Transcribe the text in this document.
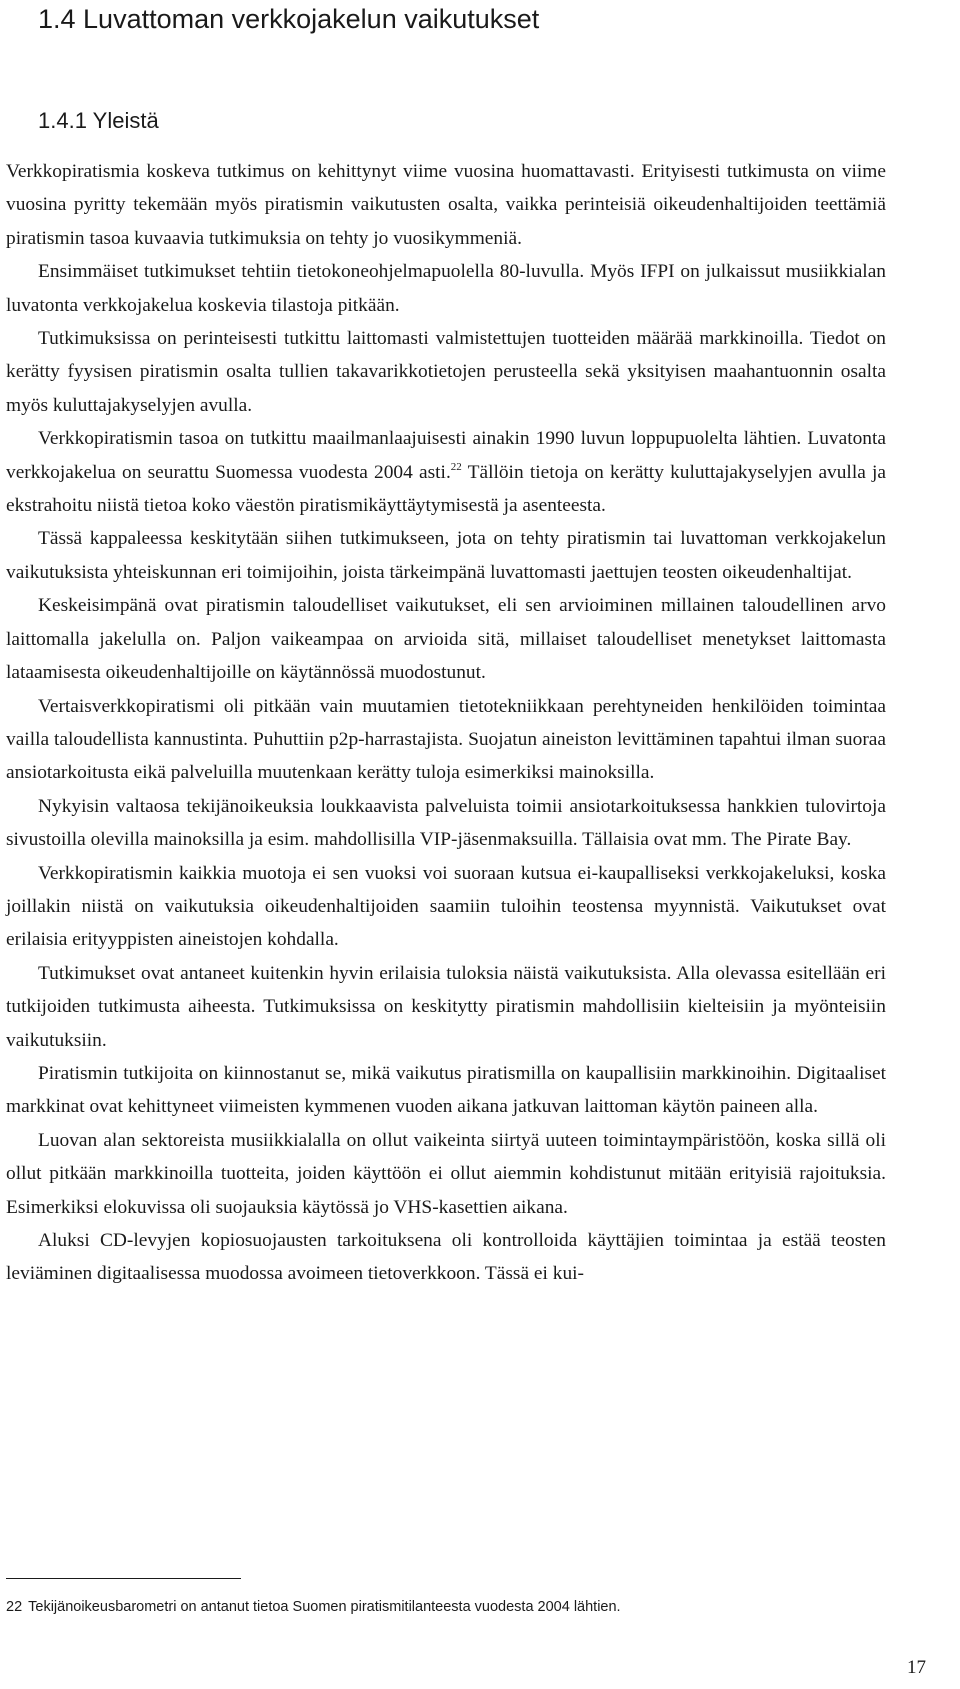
1.4 Luvattoman verkkojakelun vaikutukset
1.4.1 Yleistä

Verkkopiratismia koskeva tutkimus on kehittynyt viime vuosina huomattavasti. Erityisesti tutkimusta on viime vuosina pyritty tekemään myös piratismin vaikutusten osalta, vaikka perinteisiä oikeudenhaltijoiden teettämiä piratismin tasoa kuvaavia tutkimuksia on tehty jo vuosikymmeniä.

Ensimmäiset tutkimukset tehtiin tietokoneohjelmapuolella 80-luvulla. Myös IFPI on julkaissut musiikkialan luvatonta verkkojakelua koskevia tilastoja pitkään.

Tutkimuksissa on perinteisesti tutkittu laittomasti valmistettujen tuotteiden määrää markkinoilla. Tiedot on kerätty fyysisen piratismin osalta tullien takavarikkotietojen perusteella sekä yksityisen maahantuonnin osalta myös kuluttajakyselyjen avulla.

Verkkopiratismin tasoa on tutkittu maailmanlaajuisesti ainakin 1990 luvun loppupuolelta lähtien. Luvatonta verkkojakelua on seurattu Suomessa vuodesta 2004 asti.$^{22}$ Tällöin tietoja on kerätty kuluttajakyselyjen avulla ja ekstrahoitu niistä tietoa koko väestön piratismikäyttäytymisestä ja asenteesta.

Tässä kappaleessa keskitytään siihen tutkimukseen, jota on tehty piratismin tai luvattoman verkkojakelun vaikutuksista yhteiskunnan eri toimijoihin, joista tärkeimpänä luvattomasti jaettujen teosten oikeudenhaltijat.

Keskeisimpänä ovat piratismin taloudelliset vaikutukset, eli sen arvioiminen millainen taloudellinen arvo laittomalla jakelulla on. Paljon vaikeampaa on arvioida sitä, millaiset taloudelliset menetykset laittomasta lataamisesta oikeudenhaltijoille on käytännössä muodostunut.

Vertaisverkkopiratismi oli pitkään vain muutamien tietotekniikkaan perehtyneiden henkilöiden toimintaa vailla taloudellista kannustinta. Puhuttiin p2p-harrastajista. Suojatun aineiston levittäminen tapahtui ilman suoraa ansiotarkoitusta eikä palveluilla muutenkaan kerätty tuloja esimerkiksi mainoksilla.

Nykyisin valtaosa tekijänoikeuksia loukkaavista palveluista toimii ansiotarkoituksessa hankkien tulovirtoja sivustoilla olevilla mainoksilla ja esim. mahdollisilla VIP-jäsenmaksuilla. Tällaisia ovat mm. The Pirate Bay.

Verkkopiratismin kaikkia muotoja ei sen vuoksi voi suoraan kutsua ei-kaupalliseksi verkkojakeluksi, koska joillakin niistä on vaikutuksia oikeudenhaltijoiden saamiin tuloihin teostensa myynnistä. Vaikutukset ovat erilaisia erityyppisten aineistojen kohdalla.

Tutkimukset ovat antaneet kuitenkin hyvin erilaisia tuloksia näistä vaikutuksista. Alla olevassa esitellään eri tutkijoiden tutkimusta aiheesta. Tutkimuksissa on keskitytty piratismin mahdollisiin kielteisiin ja myönteisiin vaikutuksiin.

Piratismin tutkijoita on kiinnostanut se, mikä vaikutus piratismilla on kaupallisiin markkinoihin. Digitaaliset markkinat ovat kehittyneet viimeisten kymmenen vuoden aikana jatkuvan laittoman käytön paineen alla.

Luovan alan sektoreista musiikkialalla on ollut vaikeinta siirtyä uuteen toimintaympäristöön, koska sillä oli ollut pitkään markkinoilla tuotteita, joiden käyttöön ei ollut aiemmin kohdistunut mitään erityisiä rajoituksia. Esimerkiksi elokuvissa oli suojauksia käytössä jo VHS-kasettien aikana.

Aluksi CD-levyjen kopiosuojausten tarkoituksena oli kontrolloida käyttäjien toimintaa ja estää teosten leviäminen digitaalisessa muodossa avoimeen tietoverkkoon. Tässä ei kui-

22 Tekijänoikeusbarometri on antanut tietoa Suomen piratismitilanteesta vuodesta 2004 lähtien.

17
